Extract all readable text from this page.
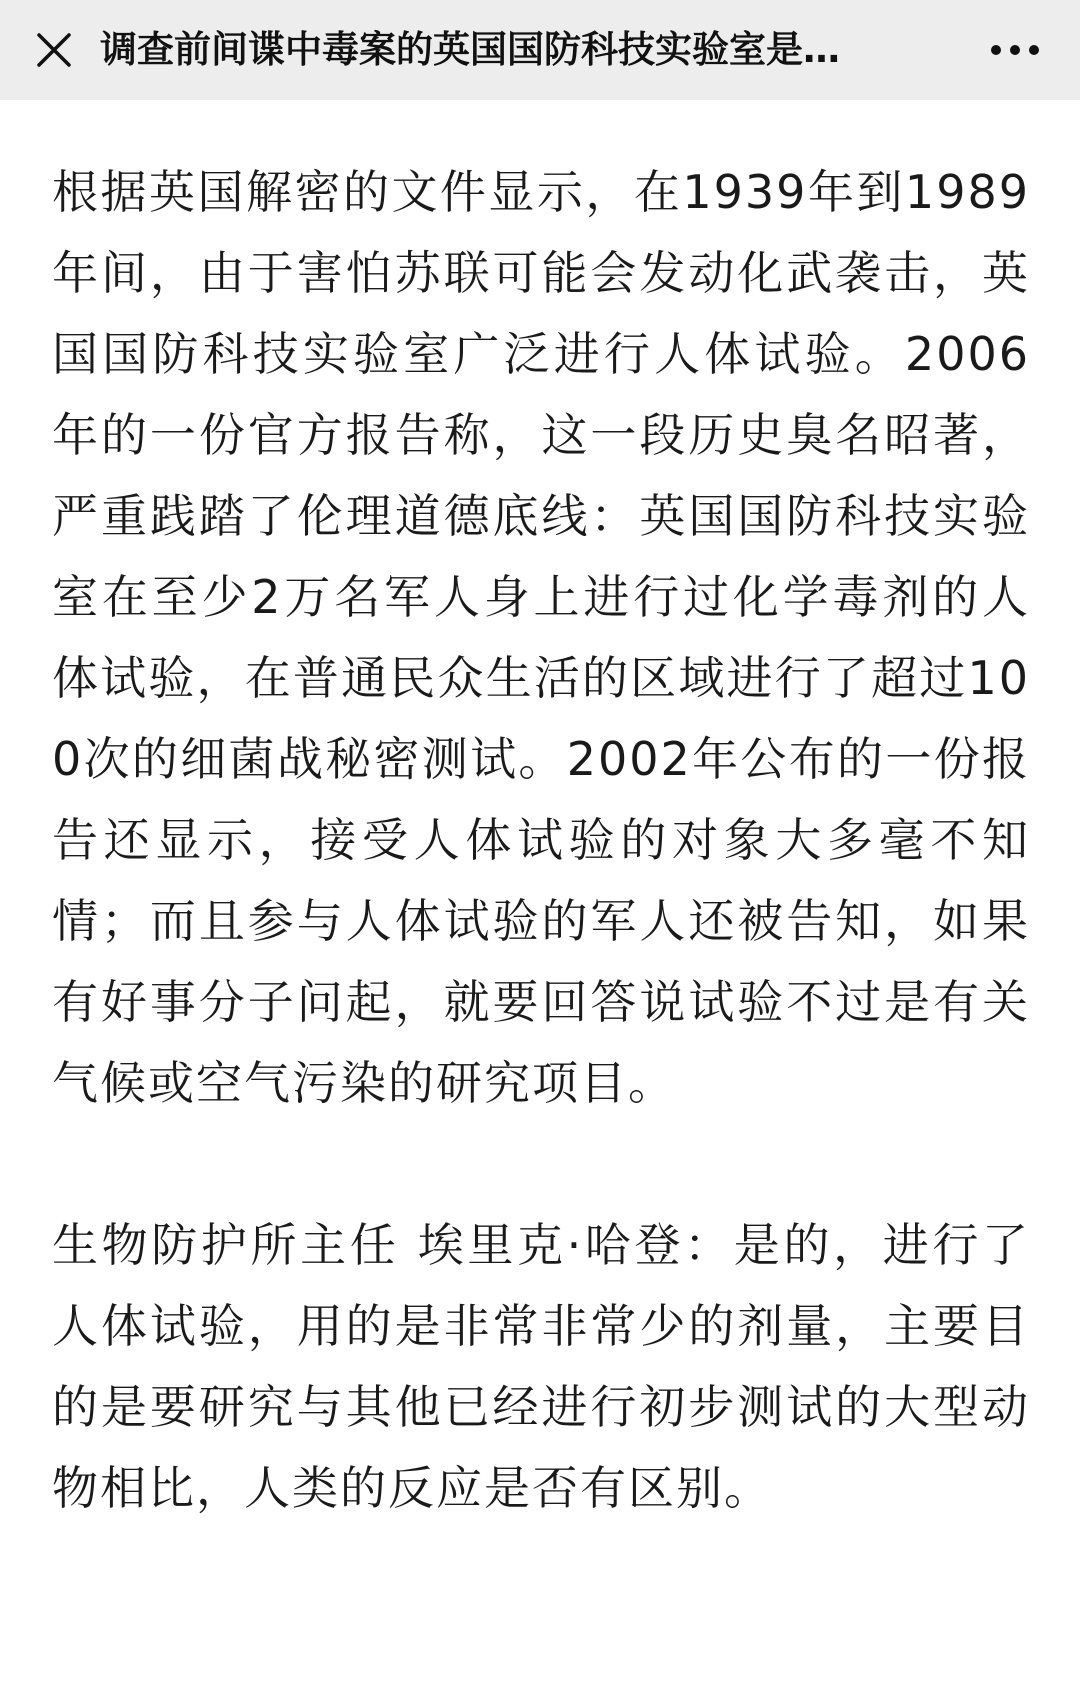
调查前间谍中毒案的英国国防科技实验室是…

根据英国解密的文件显示，在1939年到1989年间，由于害怕苏联可能会发动化武袭击，英国国防科技实验室广泛进行人体试验。2006年的一份官方报告称，这一段历史臭名昭著，严重践踏了伦理道德底线：英国国防科技实验室在至少2万名军人身上进行过化学毒剂的人体试验，在普通民众生活的区域进行了超过100次的细菌战秘密测试。2002年公布的一份报告还显示，接受人体试验的对象大多毫不知情；而且参与人体试验的军人还被告知，如果有好事分子问起，就要回答说试验不过是有关气候或空气污染的研究项目。

生物防护所主任 埃里克·哈登：是的，进行了人体试验，用的是非常非常少的剂量，主要目的是要研究与其他已经进行初步测试的大型动物相比，人类的反应是否有区别。
